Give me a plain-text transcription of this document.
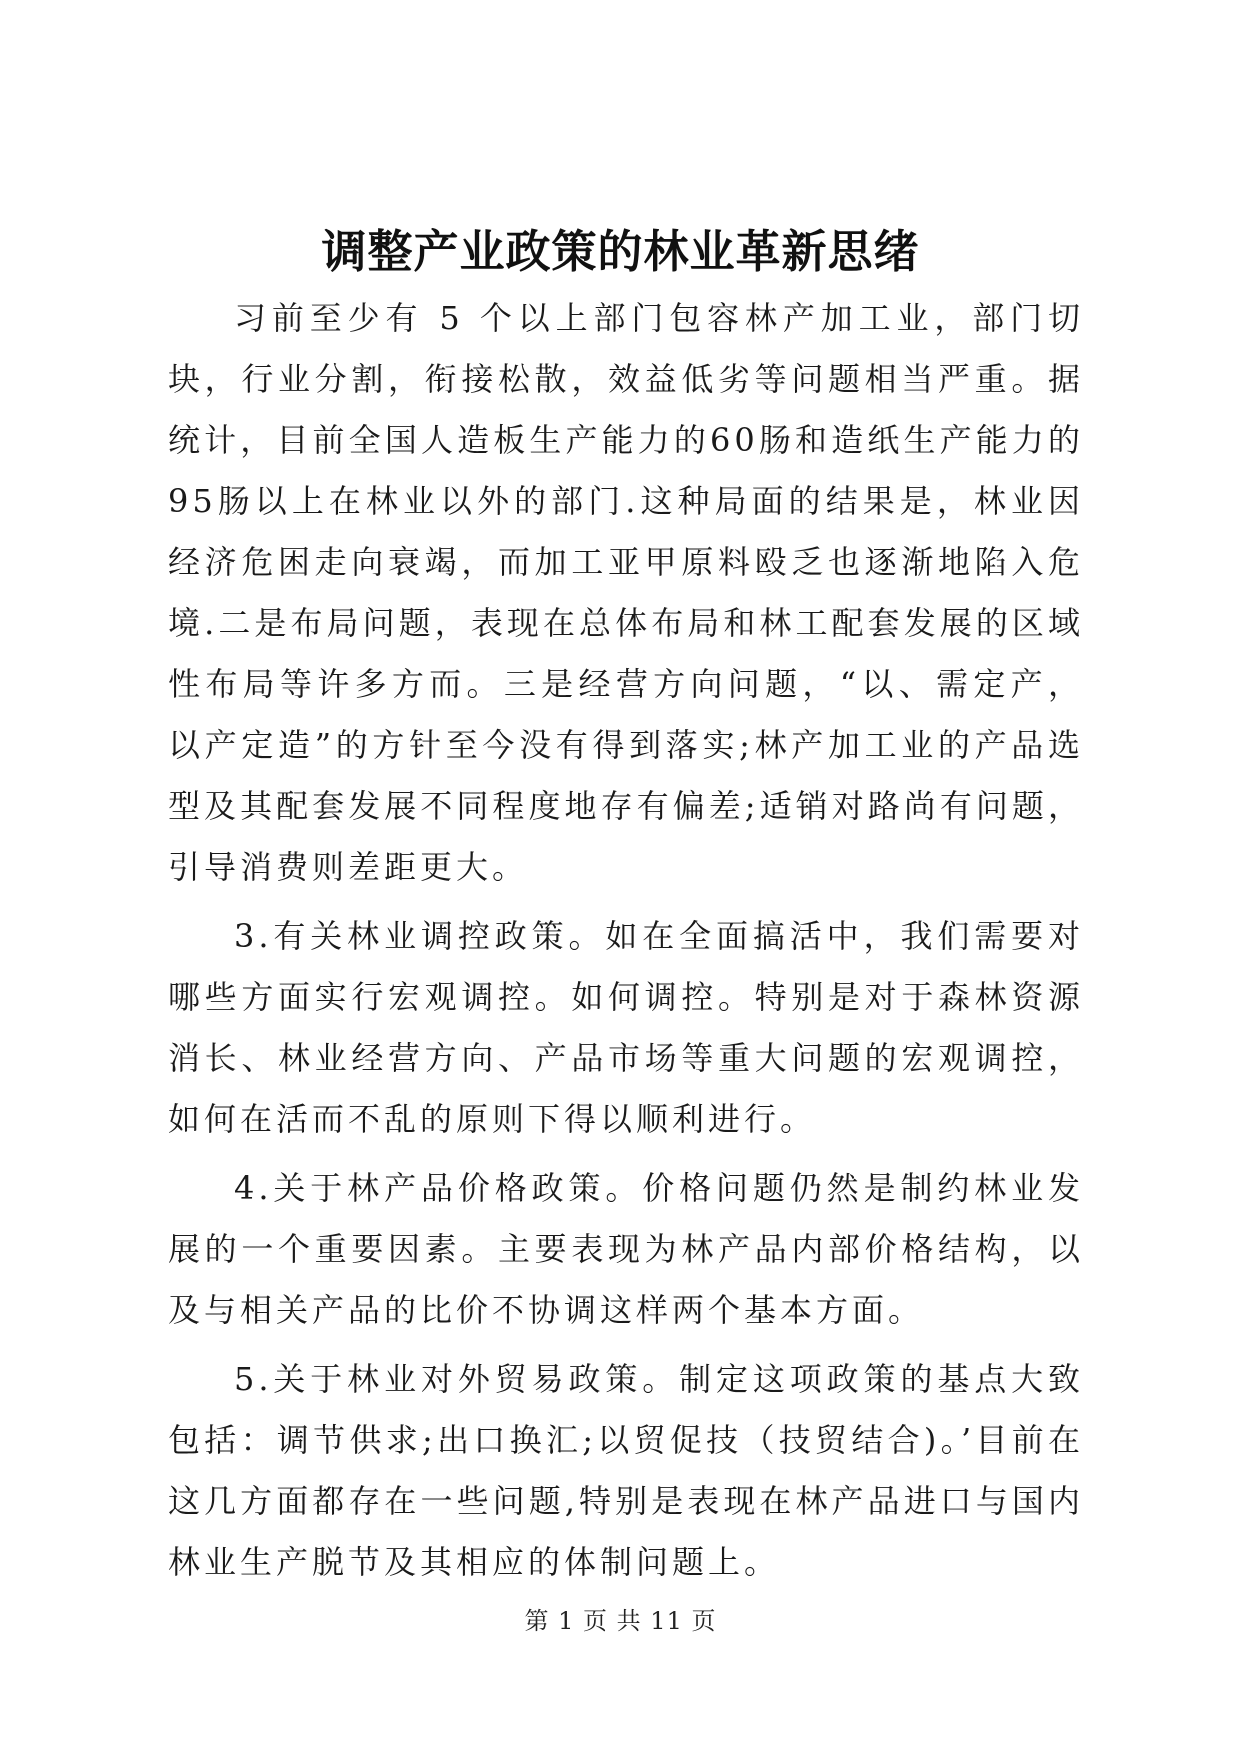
调整产业政策的林业革新思绪

习前至少有 5 个以上部门包容林产加工业，部门切块，行业分割，衔接松散，效益低劣等问题相当严重。据统计，目前全国人造板生产能力的60肠和造纸生产能力的95肠以上在林业以外的部门.这种局面的结果是，林业因经济危困走向衰竭，而加工亚甲原料殴乏也逐渐地陷入危境.二是布局问题，表现在总体布局和林工配套发展的区域性布局等许多方而。三是经营方向问题，“以、需定产，以产定造”的方针至今没有得到落实;林产加工业的产品选型及其配套发展不同程度地存有偏差;适销对路尚有问题，引导消费则差距更大。

3.有关林业调控政策。如在全面搞活中，我们需要对哪些方面实行宏观调控。如何调控。特别是对于森林资源消长、林业经营方向、产品市场等重大问题的宏观调控，如何在活而不乱的原则下得以顺利进行。

4.关于林产品价格政策。价格问题仍然是制约林业发展的一个重要因素。主要表现为林产品内部价格结构，以及与相关产品的比价不协调这样两个基本方面。

5.关于林业对外贸易政策。制定这项政策的基点大致包括：调节供求;出口换汇;以贸促技（技贸结合)。’目前在这几方面都存在一些问题,特别是表现在林产品进口与国内林业生产脱节及其相应的体制问题上。

第 1 页 共 11 页
